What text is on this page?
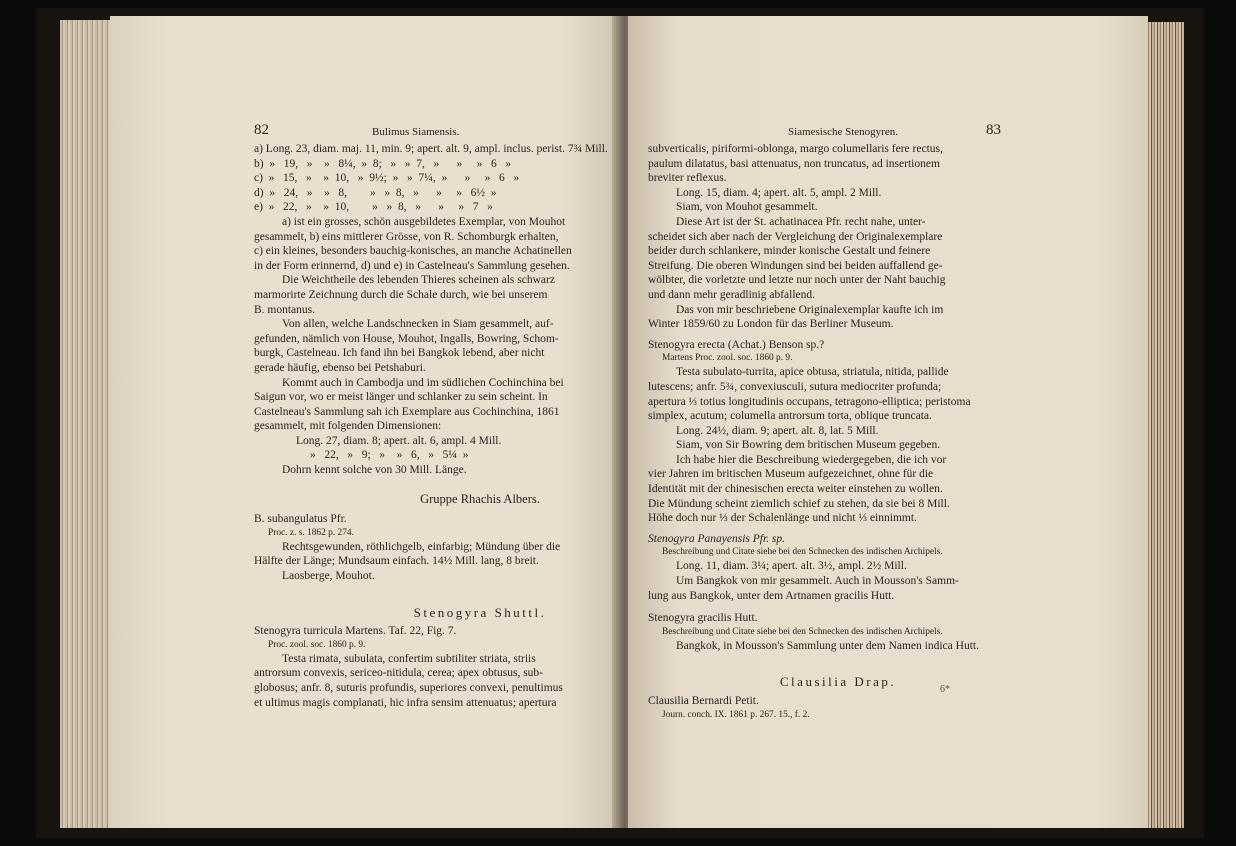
82	Bulimus Siamensis.
a) Long. 23, diam. maj. 11, min. 9; apert. alt. 9, ampl. inclus. perist. 7¾ Mill.
b)  »   19,   »    »   8¼,  »  8;   »   »  7,   »      »     »   6   »
c)  »   15,   »    »  10,   »  9½;  »   »  7¼,  »      »     »   6   »
d)  »   24,   »    »   8,        »   »  8,   »      »     »   6½  »
e)  »   22,   »    »  10,        »   »  8,   »      »     »   7   »
a) ist ein grosses, schön ausgebildetes Exemplar, von Mouhot
gesammelt, b) eins mittlerer Grösse, von R. Schomburgk erhalten,
c) ein kleines, besonders bauchig-konisches, an manche Achatinellen
in der Form erinnernd, d) und e) in Castelneau's Sammlung gesehen.
Die Weichtheile des lebenden Thieres scheinen als schwarz
marmorirte Zeichnung durch die Schale durch, wie bei unserem
B. montanus.
Von allen, welche Landschnecken in Siam gesammelt, auf-
gefunden, nämlich von House, Mouhot, Ingalls, Bowring, Schom-
burgk, Castelneau. Ich fand ihn bei Bangkok lebend, aber nicht
gerade häufig, ebenso bei Petshaburi.
Kommt auch in Cambodja und im südlichen Cochinchina bei
Saigun vor, wo er meist länger und schlanker zu sein scheint. In
Castelneau's Sammlung sah ich Exemplare aus Cochinchina, 1861
gesammelt, mit folgenden Dimensionen:
Long. 27, diam. 8; apert. alt. 6, ampl. 4 Mill.
»   22,   »   9;   »    »   6,   »   5¼  »
Dohrn kennt solche von 30 Mill. Länge.
Gruppe Rhachis Albers.
B. subangulatus Pfr.
Proc. z. s. 1862 p. 274.
Rechtsgewunden, röthlichgelb, einfarbig; Mündung über die
Hälfte der Länge; Mundsaum einfach. 14½ Mill. lang, 8 breit.
Laosberge, Mouhot.
Stenogyra Shuttl.
Stenogyra turricula Martens. Taf. 22, Fig. 7.
Proc. zool. soc. 1860 p. 9.
Testa rimata, subulata, confertim subtiliter striata, striis
antrorsum convexis, sericeo-nitidula, cerea; apex obtusus, sub-
globosus; anfr. 8, suturis profundis, superiores convexi, penultimus
et ultimus magis complanati, hic infra sensim attenuatus; apertura
Siamesische Stenogyren.	83
subverticalis, piriformi-oblonga, margo columellaris fere rectus,
paulum dilatatus, basi attenuatus, non truncatus, ad insertionem
breviter reflexus.
Long. 15, diam. 4; apert. alt. 5, ampl. 2 Mill.
Siam, von Mouhot gesammelt.
Diese Art ist der St. achatinacea Pfr. recht nahe, unter-
scheidet sich aber nach der Vergleichung der Originalexemplare
beider durch schlankere, minder konische Gestalt und feinere
Streifung. Die oberen Windungen sind bei beiden auffallend ge-
wölbter, die vorletzte und letzte nur noch unter der Naht bauchig
und dann mehr geradlinig abfallend.
Das von mir beschriebene Originalexemplar kaufte ich im
Winter 1859/60 zu London für das Berliner Museum.
Stenogyra erecta (Achat.) Benson sp.?
Martens Proc. zool. soc. 1860 p. 9.
Testa subulato-turrita, apice obtusa, striatula, nitida, pallide
lutescens; anfr. 5¾, convexiusculi, sutura mediocriter profunda;
apertura ⅓ totius longitudinis occupans, tetragono-elliptica; peristoma
simplex, acutum; columella antrorsum torta, oblique truncata.
Long. 24½, diam. 9; apert. alt. 8, lat. 5 Mill.
Siam, von Sir Bowring dem britischen Museum gegeben.
Ich habe hier die Beschreibung wiedergegeben, die ich vor
vier Jahren im britischen Museum aufgezeichnet, ohne für die
Identität mit der chinesischen erecta weiter einstehen zu wollen.
Die Mündung scheint ziemlich schief zu stehen, da sie bei 8 Mill.
Höhe doch nur ⅓ der Schalenlänge und nicht ⅓ einnimmt.
Stenogyra Panayensis Pfr. sp.
Beschreibung und Citate siehe bei den Schnecken des indischen Archipels.
Long. 11, diam. 3¼; apert. alt. 3½, ampl. 2½ Mill.
Um Bangkok von mir gesammelt. Auch in Mousson's Samm-
lung aus Bangkok, unter dem Artnamen gracilis Hutt.
Stenogyra gracilis Hutt.
Beschreibung und Citate siehe bei den Schnecken des indischen Archipels.
Bangkok, in Mousson's Sammlung unter dem Namen indica Hutt.
Clausilia Drap.
Clausilia Bernardi Petit.
Journ. conch. IX. 1861 p. 267. 15., f. 2.
6*
